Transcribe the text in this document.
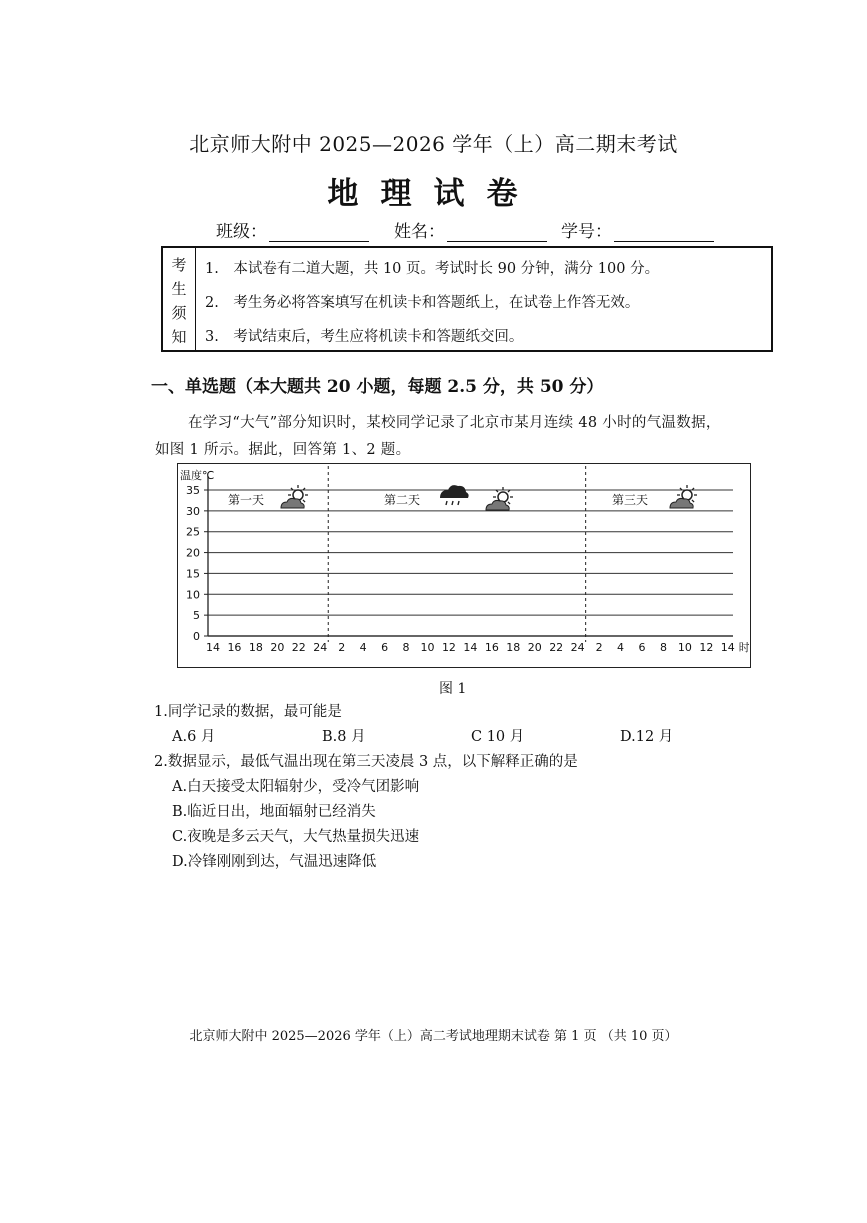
北京师大附中 2025—2026 学年（上）高二期末考试
地理试卷
班级：	姓名：	学号：
考
生
须
知
1.　本试卷有二道大题，共 10 页。考试时长 90 分钟，满分 100 分。
2.　考生务必将答案填写在机读卡和答题纸上，在试卷上作答无效。
3.　考试结束后，考生应将机读卡和答题纸交回。
一、单选题（本大题共 20 小题，每题 2.5 分，共 50 分）
在学习“大气”部分知识时，某校同学记录了北京市某月连续 48 小时的气温数据，
如图 1 所示。据此，回答第 1、2 题。
0
5
10
15
20
25
30
35
温度℃
14 16 18 20 22 24 2 4 6 8 10 12 14 16 18 20 22 24 2 4 6 8 10 12 14 时
第一天	第二天	第三天
图 1
1.同学记录的数据，最可能是
A.6 月	B.8 月	C 10 月	D.12 月
2.数据显示，最低气温出现在第三天凌晨 3 点，以下解释正确的是
A.白天接受太阳辐射少，受冷气团影响
B.临近日出，地面辐射已经消失
C.夜晚是多云天气，大气热量损失迅速
D.冷锋刚刚到达，气温迅速降低
北京师大附中 2025—2026 学年（上）高二考试地理期末试卷 第 1 页 （共 10 页）
